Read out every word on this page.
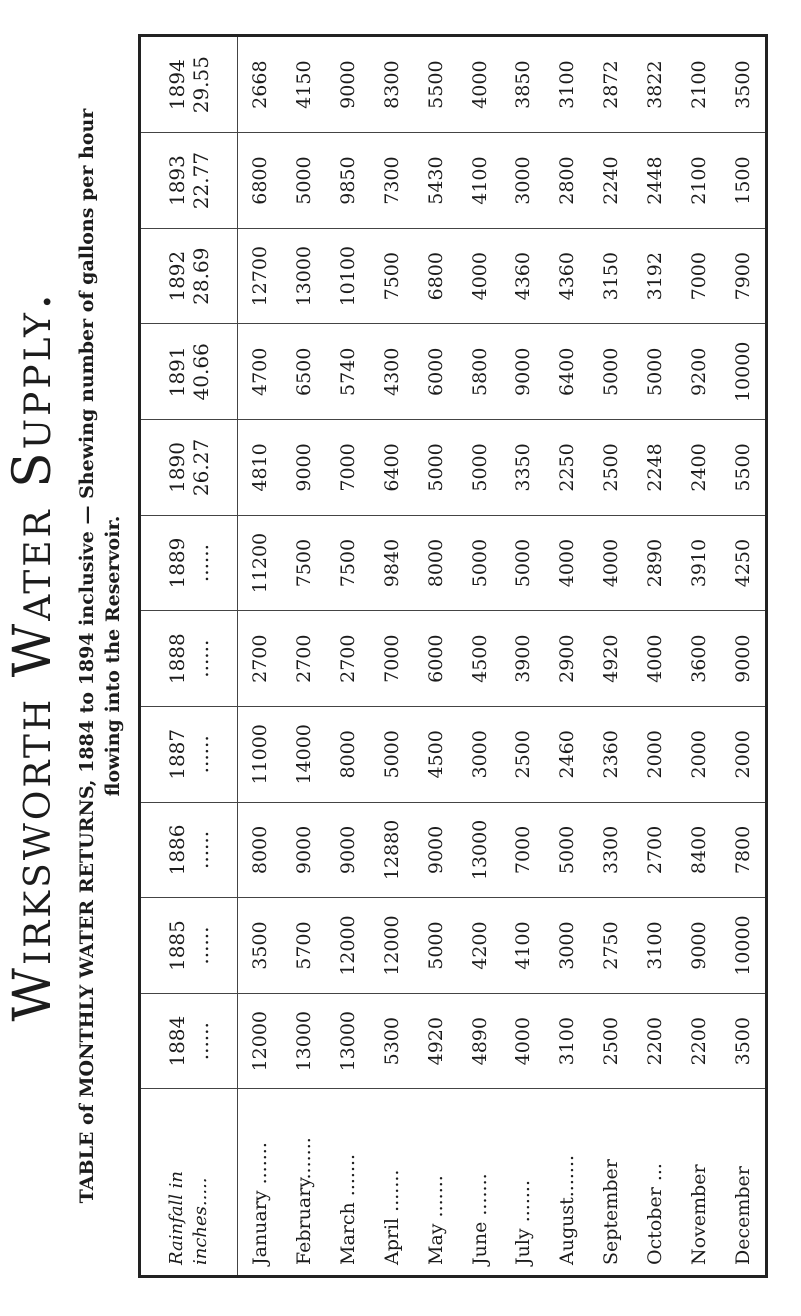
Wirksworth Water Supply. TABLE of MONTHLY WATER RETURNS, 1884 to 1894 inclusive — Shewing number of gallons per hour flowing into the Reservoir.
Rainfall in inches.....	1884 ......	1885 ......	1886 ......	1887 ......	1888 ......	1889 ......	1890 26.27	1891 40.66	1892 28.69	1893 22.77	1894 29.55

January .......	12000	3500	8000	11000	2700	11200	4810	4700	12700	6800	2668
February.......	13000	5700	9000	14000	2700	7500	9000	6500	13000	5000	4150
March .......	13000	12000	9000	8000	2700	7500	7000	5740	10100	9850	9000
April .......	5300	12000	12880	5000	7000	9840	6400	4300	7500	7300	8300
May .......	4920	5000	9000	4500	6000	8000	5000	6000	6800	5430	5500
June .......	4890	4200	13000	3000	4500	5000	5000	5800	4000	4100	4000
July .......	4000	4100	7000	2500	3900	5000	3350	9000	4360	3000	3850
August.......	3100	3000	5000	2460	2900	4000	2250	6400	4360	2800	3100
September	2500	2750	3300	2360	4920	4000	2500	5000	3150	2240	2872
October ...	2200	3100	2700	2000	4000	2890	2248	5000	3192	2448	3822
November	2200	9000	8400	2000	3600	3910	2400	9200	7000	2100	2100
December	3500	10000	7800	2000	9000	4250	5500	10000	7900	1500	3500
